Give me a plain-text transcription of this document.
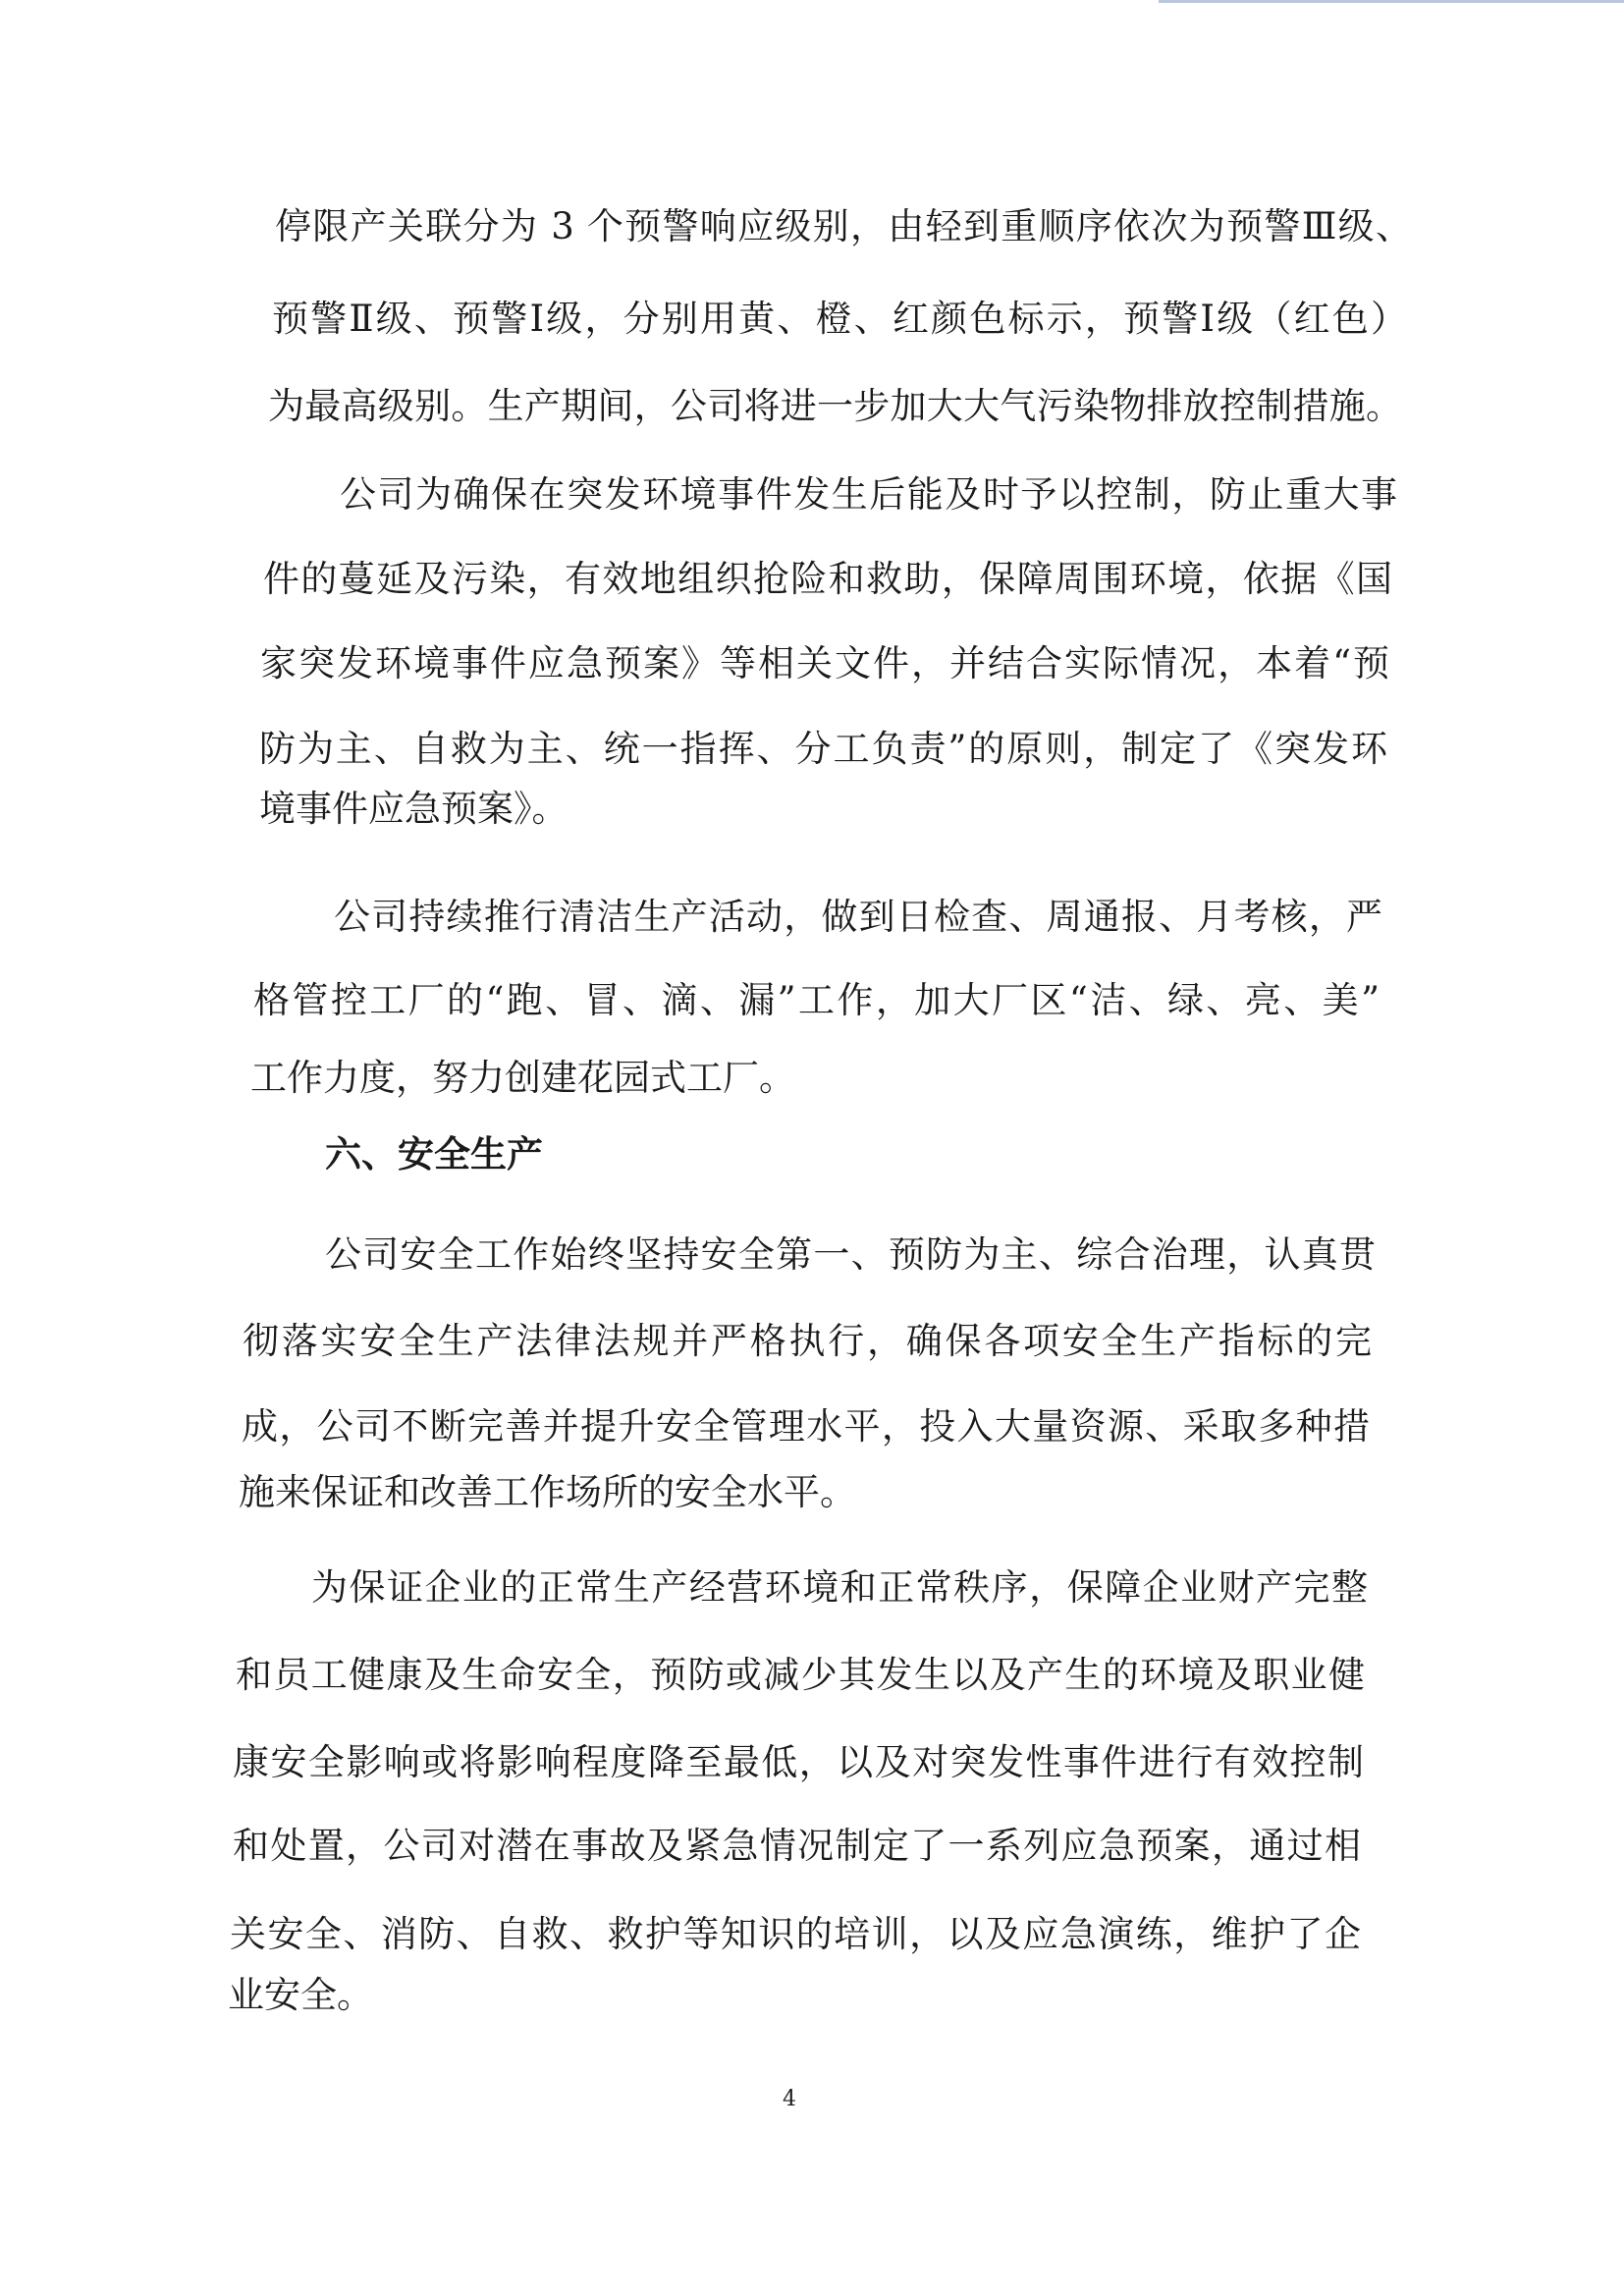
六、安全生产
4
停限产关联分为 3 个预警响应级别，由轻到重顺序依次为预警Ⅲ级、
预警Ⅱ级、预警Ⅰ级，分别用黄、橙、红颜色标示，预警Ⅰ级（红色）
为最高级别。生产期间，公司将进一步加大大气污染物排放控制措施。
公司为确保在突发环境事件发生后能及时予以控制，防止重大事
件的蔓延及污染，有效地组织抢险和救助，保障周围环境，依据《国
家突发环境事件应急预案》等相关文件，并结合实际情况，本着“预
防为主、自救为主、统一指挥、分工负责”的原则，制定了《突发环
境事件应急预案》。
公司持续推行清洁生产活动，做到日检查、周通报、月考核，严
格管控工厂的“跑、冒、滴、漏”工作，加大厂区“洁、绿、亮、美”
工作力度，努力创建花园式工厂。
公司安全工作始终坚持安全第一、预防为主、综合治理，认真贯
彻落实安全生产法律法规并严格执行，确保各项安全生产指标的完
成，公司不断完善并提升安全管理水平，投入大量资源、采取多种措
施来保证和改善工作场所的安全水平。
为保证企业的正常生产经营环境和正常秩序，保障企业财产完整
和员工健康及生命安全，预防或减少其发生以及产生的环境及职业健
康安全影响或将影响程度降至最低，以及对突发性事件进行有效控制
和处置，公司对潜在事故及紧急情况制定了一系列应急预案，通过相
关安全、消防、自救、救护等知识的培训，以及应急演练，维护了企
业安全。
